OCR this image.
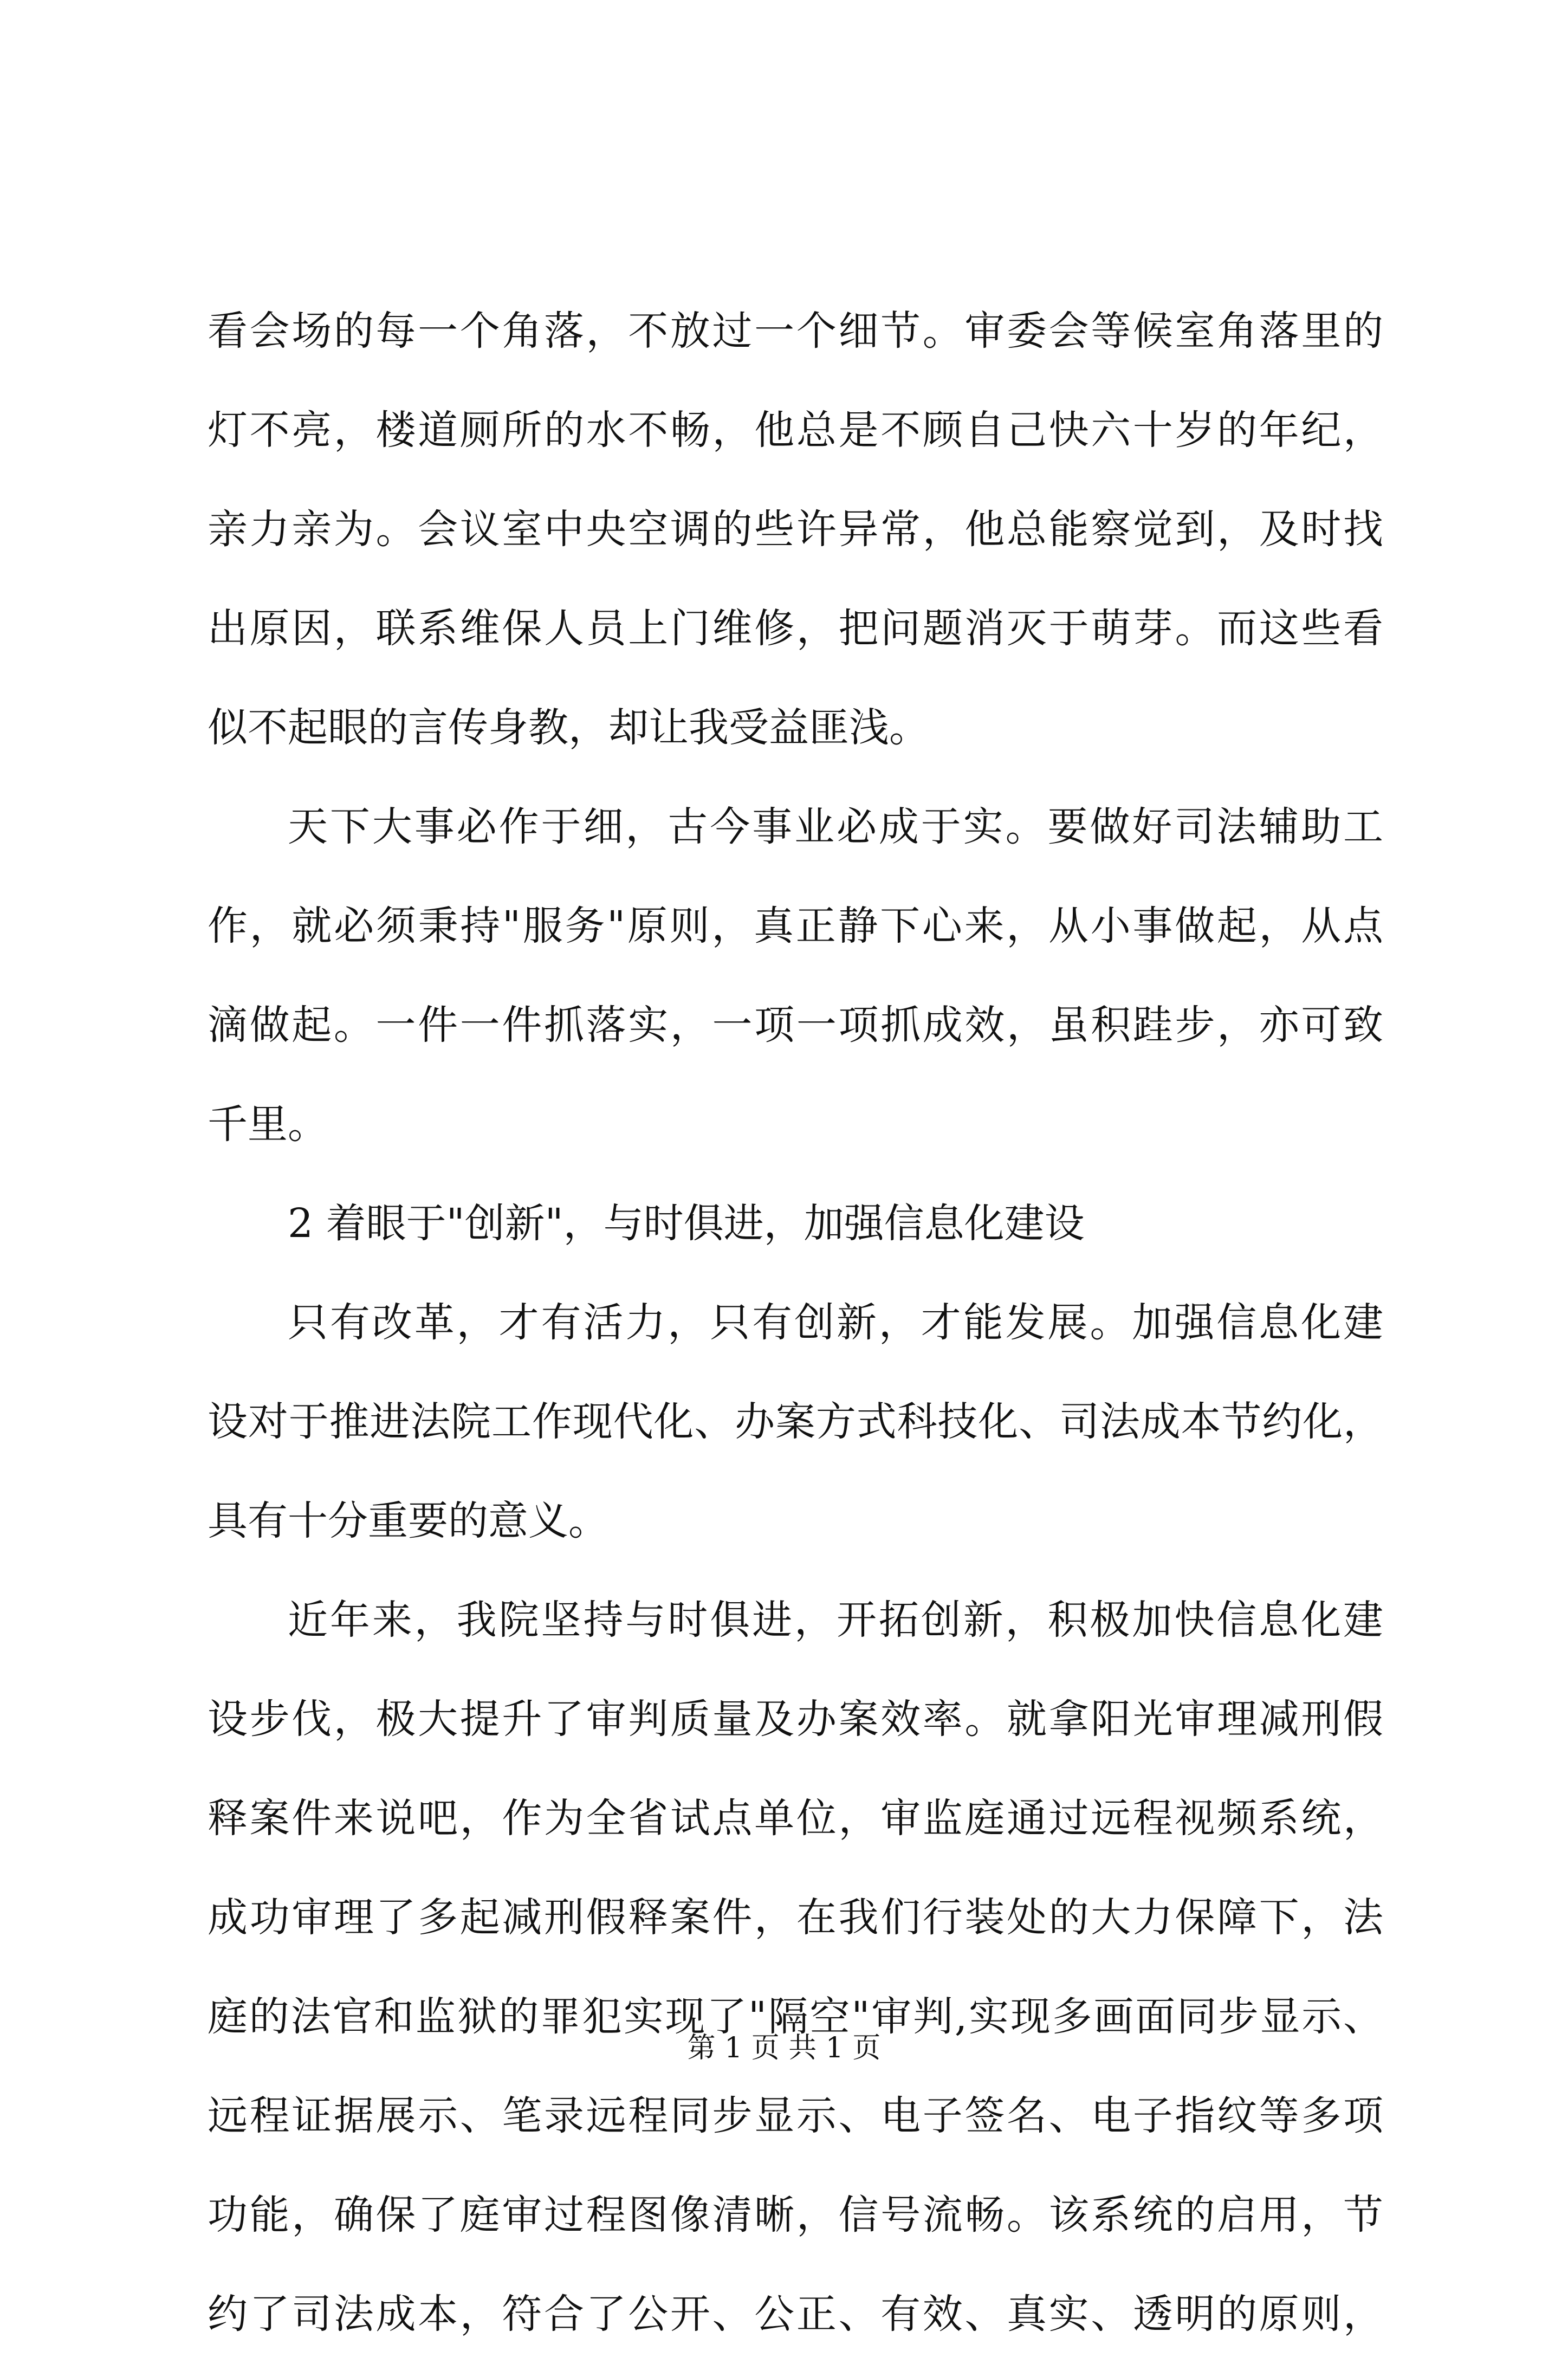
看会场的每一个角落，不放过一个细节。审委会等候室角落里的
灯不亮，楼道厕所的水不畅，他总是不顾自己快六十岁的年纪，
亲力亲为。会议室中央空调的些许异常，他总能察觉到，及时找
出原因，联系维保人员上门维修，把问题消灭于萌芽。而这些看
似不起眼的言传身教，却让我受益匪浅。
天下大事必作于细，古今事业必成于实。要做好司法辅助工
作，就必须秉持"服务"原则，真正静下心来，从小事做起，从点
滴做起。一件一件抓落实，一项一项抓成效，虽积跬步，亦可致
千里。
2 着眼于"创新"，与时俱进，加强信息化建设
只有改革，才有活力，只有创新，才能发展。加强信息化建
设对于推进法院工作现代化、办案方式科技化、司法成本节约化，
具有十分重要的意义。
近年来，我院坚持与时俱进，开拓创新，积极加快信息化建
设步伐，极大提升了审判质量及办案效率。就拿阳光审理减刑假
释案件来说吧，作为全省试点单位，审监庭通过远程视频系统，
成功审理了多起减刑假释案件，在我们行装处的大力保障下，法
庭的法官和监狱的罪犯实现了"隔空"审判,实现多画面同步显示、
远程证据展示、笔录远程同步显示、电子签名、电子指纹等多项
功能，确保了庭审过程图像清晰，信号流畅。该系统的启用，节
约了司法成本，符合了公开、公正、有效、真实、透明的原则，
第 1 页 共 1 页
